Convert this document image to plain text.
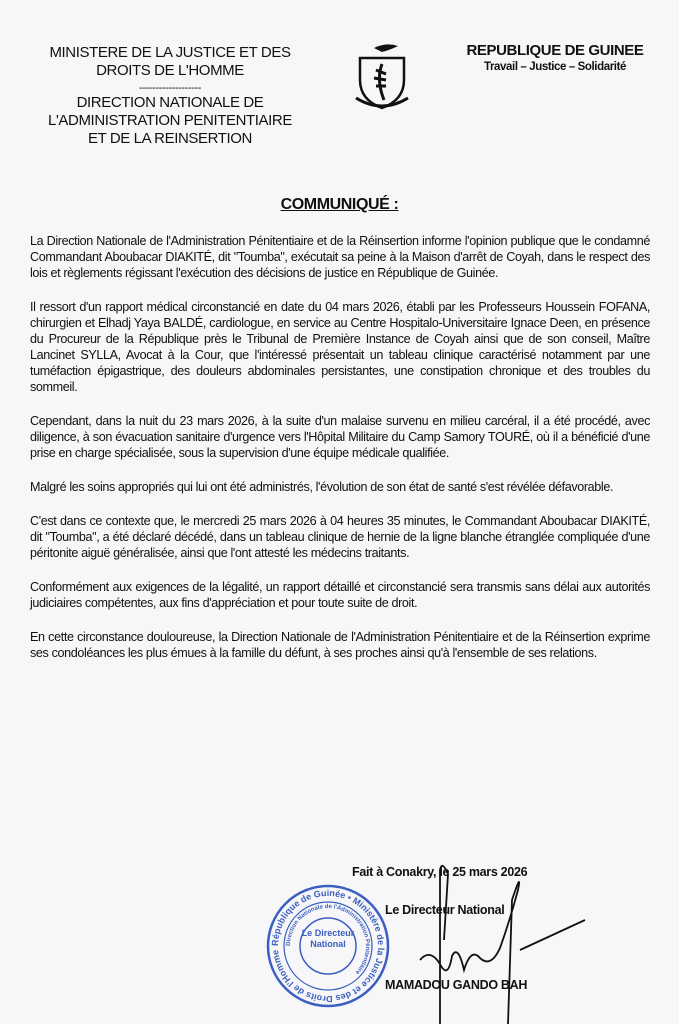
MINISTERE DE LA JUSTICE ET DES
DROITS DE L'HOMME
-------------------
DIRECTION NATIONALE DE
L'ADMINISTRATION PENITENTIAIRE
ET DE LA REINSERTION
REPUBLIQUE DE GUINEE
Travail – Justice – Solidarité
COMMUNIQUÉ :

La Direction Nationale de l'Administration Pénitentiaire et de la Réinsertion informe l'opinion publique que le condamné Commandant Aboubacar DIAKITÉ, dit "Toumba", exécutait sa peine à la Maison d'arrêt de Coyah, dans le respect des lois et règlements régissant l'exécution des décisions de justice en République de Guinée.

Il ressort d'un rapport médical circonstancié en date du 04 mars 2026, établi par les Professeurs Houssein FOFANA, chirurgien et Elhadj Yaya BALDÉ, cardiologue, en service au Centre Hospitalo-Universitaire Ignace Deen, en présence du Procureur de la République près le Tribunal de Première Instance de Coyah ainsi que de son conseil, Maître Lancinet SYLLA, Avocat à la Cour, que l'intéressé présentait un tableau clinique caractérisé notamment par une tuméfaction épigastrique, des douleurs abdominales persistantes, une constipation chronique et des troubles du sommeil.

Cependant, dans la nuit du 23 mars 2026, à la suite d'un malaise survenu en milieu carcéral, il a été procédé, avec diligence, à son évacuation sanitaire d'urgence vers l'Hôpital Militaire du Camp Samory TOURÉ, où il a bénéficié d'une prise en charge spécialisée, sous la supervision d'une équipe médicale qualifiée.

Malgré les soins appropriés qui lui ont été administrés, l'évolution de son état de santé s'est révélée défavorable.

C'est dans ce contexte que, le mercredi 25 mars 2026 à 04 heures 35 minutes, le Commandant Aboubacar DIAKITÉ, dit "Toumba", a été déclaré décédé, dans un tableau clinique de hernie de la ligne blanche étranglée compliquée d'une péritonite aiguë généralisée, ainsi que l'ont attesté les médecins traitants.

Conformément aux exigences de la légalité, un rapport détaillé et circonstancié sera transmis sans délai aux autorités judiciaires compétentes, aux fins d'appréciation et pour toute suite de droit.

En cette circonstance douloureuse, la Direction Nationale de l'Administration Pénitentiaire et de la Réinsertion exprime ses condoléances les plus émues à la famille du défunt, à ses proches ainsi qu'à l'ensemble de ses relations.

Fait à Conakry, le 25 mars 2026
Le Directeur National
MAMADOU GANDO BAH
République de Guinée • Ministère de la Justice et des Droits de l'Homme
Direction Nationale de l'Administration Pénitentiaire
Le Directeur National
